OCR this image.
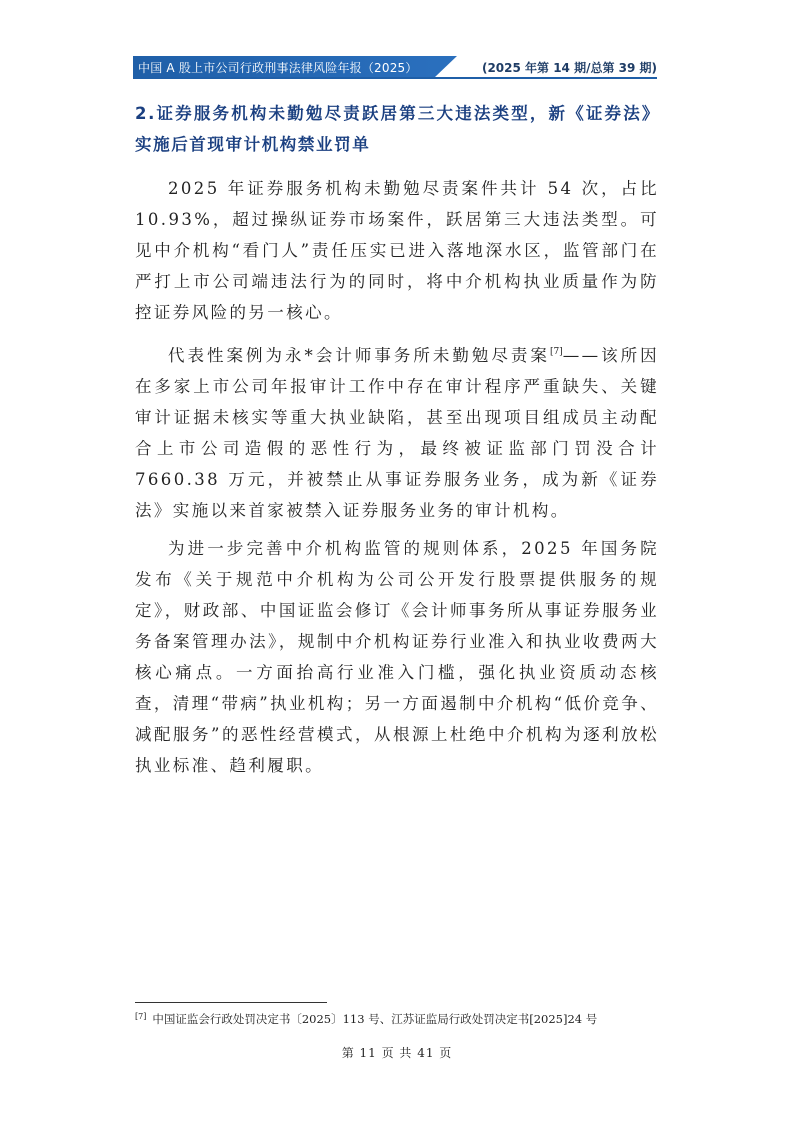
中国 A 股上市公司行政刑事法律风险年报（2025）	(2025 年第 14 期/总第 39 期)
2.证券服务机构未勤勉尽责跃居第三大违法类型，新《证券法》实施后首现审计机构禁业罚单

2025 年证券服务机构未勤勉尽责案件共计 54 次，占比 10.93%，超过操纵证券市场案件，跃居第三大违法类型。可见中介机构“看门人”责任压实已进入落地深水区，监管部门在严打上市公司端违法行为的同时，将中介机构执业质量作为防控证券风险的另一核心。

代表性案例为永*会计师事务所未勤勉尽责案[7]——该所因在多家上市公司年报审计工作中存在审计程序严重缺失、关键审计证据未核实等重大执业缺陷，甚至出现项目组成员主动配合上市公司造假的恶性行为，最终被证监部门罚没合计 7660.38 万元，并被禁止从事证券服务业务，成为新《证券法》实施以来首家被禁入证券服务业务的审计机构。

为进一步完善中介机构监管的规则体系，2025 年国务院发布《关于规范中介机构为公司公开发行股票提供服务的规定》，财政部、中国证监会修订《会计师事务所从事证券服务业务备案管理办法》，规制中介机构证券行业准入和执业收费两大核心痛点。一方面抬高行业准入门槛，强化执业资质动态核查，清理“带病”执业机构；另一方面遏制中介机构“低价竞争、减配服务”的恶性经营模式，从根源上杜绝中介机构为逐利放松执业标准、趋利履职。

[7] 中国证监会行政处罚决定书〔2025〕113 号、江苏证监局行政处罚决定书[2025]24 号
第 11 页 共 41 页
